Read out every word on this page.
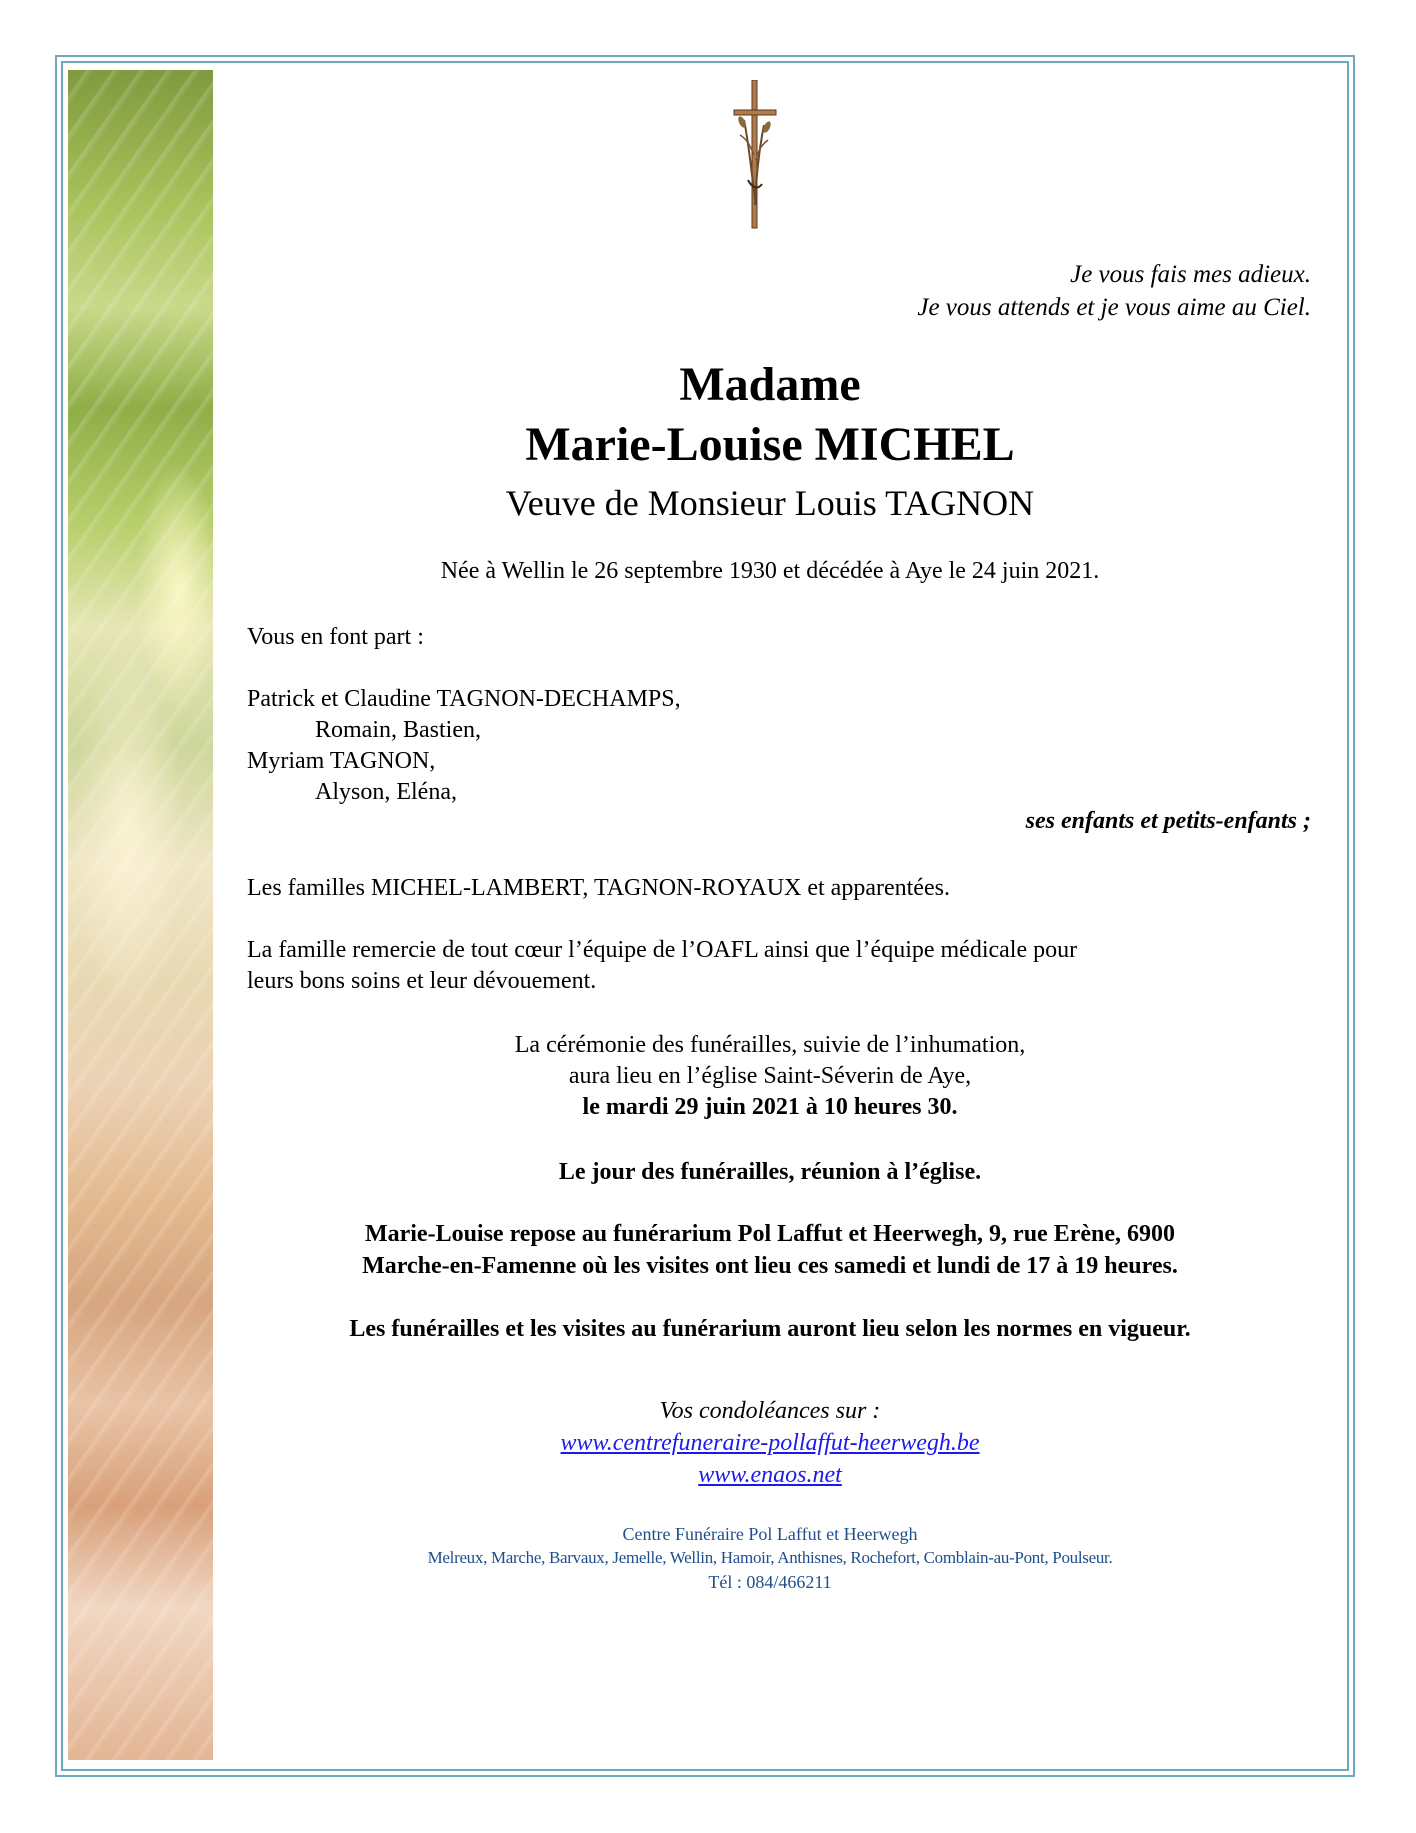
Je vous fais mes adieux.
Je vous attends et je vous aime au Ciel.
Madame
Marie-Louise MICHEL
Veuve de Monsieur Louis TAGNON
Née à Wellin le 26 septembre 1930 et décédée à Aye le 24 juin 2021.
Vous en font part :
Patrick et Claudine TAGNON-DECHAMPS,
Romain, Bastien,
Myriam TAGNON,
Alyson, Eléna,
ses enfants et petits-enfants ;
Les familles MICHEL-LAMBERT, TAGNON-ROYAUX et apparentées.
La famille remercie de tout cœur l’équipe de l’OAFL ainsi que l’équipe médicale pour
leurs bons soins et leur dévouement.
La cérémonie des funérailles, suivie de l’inhumation,
aura lieu en l’église Saint-Séverin de Aye,
le mardi 29 juin 2021 à 10 heures 30.
Le jour des funérailles, réunion à l’église.
Marie-Louise repose au funérarium Pol Laffut et Heerwegh, 9, rue Erène, 6900
Marche-en-Famenne où les visites ont lieu ces samedi et lundi de 17 à 19 heures.
Les funérailles et les visites au funérarium auront lieu selon les normes en vigueur.
Vos condoléances sur :
www.centrefuneraire-pollaffut-heerwegh.be
www.enaos.net
Centre Funéraire Pol Laffut et Heerwegh
Melreux, Marche, Barvaux, Jemelle, Wellin, Hamoir, Anthisnes, Rochefort, Comblain-au-Pont, Poulseur.
Tél : 084/466211
